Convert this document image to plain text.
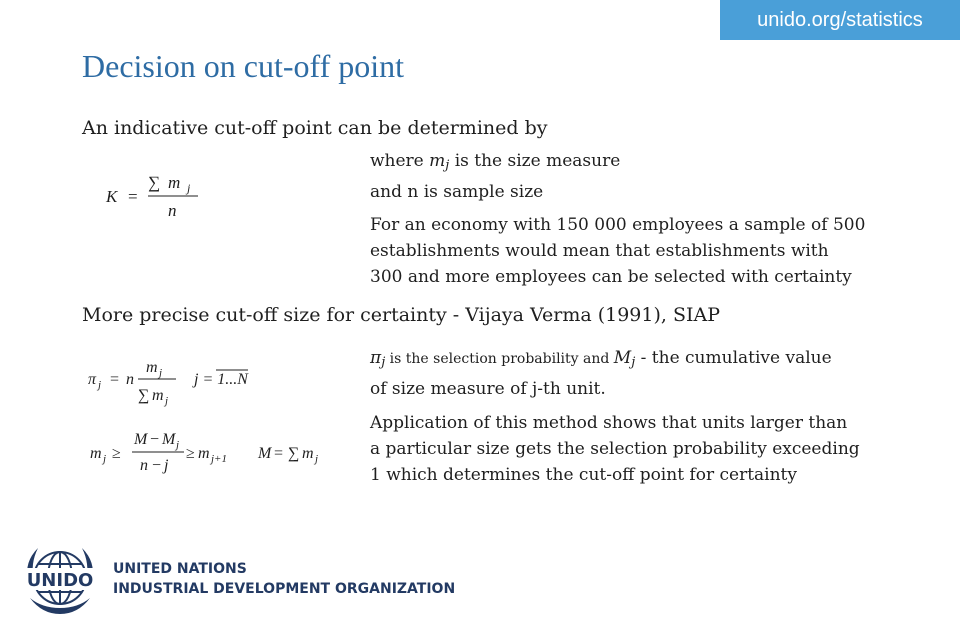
unido.org/statistics
Decision on cut-off point

An indicative cut-off point can be determined by

K =
∑ m j
n

where $m_j$ is the size measure
and n is sample size

For an economy with 150 000 employees a sample of 500
establishments would mean that establishments with
300 and more employees can be selected with certainty

More precise cut-off size for certainty - Vijaya Verma (1991), SIAP

π j = n
m j
∑ m j
j = 1...N

$\pi_j$ is the selection probability and $M_j$ - the cumulative value
of size measure of j-th unit.

m j ≥
M − M j
n − j
≥ m j+1 M = ∑ m j

Application of this method shows that units larger than
a particular size gets the selection probability exceeding
1 which determines the cut-off point for certainty

UNIDO

UNITED NATIONS
INDUSTRIAL DEVELOPMENT ORGANIZATION
